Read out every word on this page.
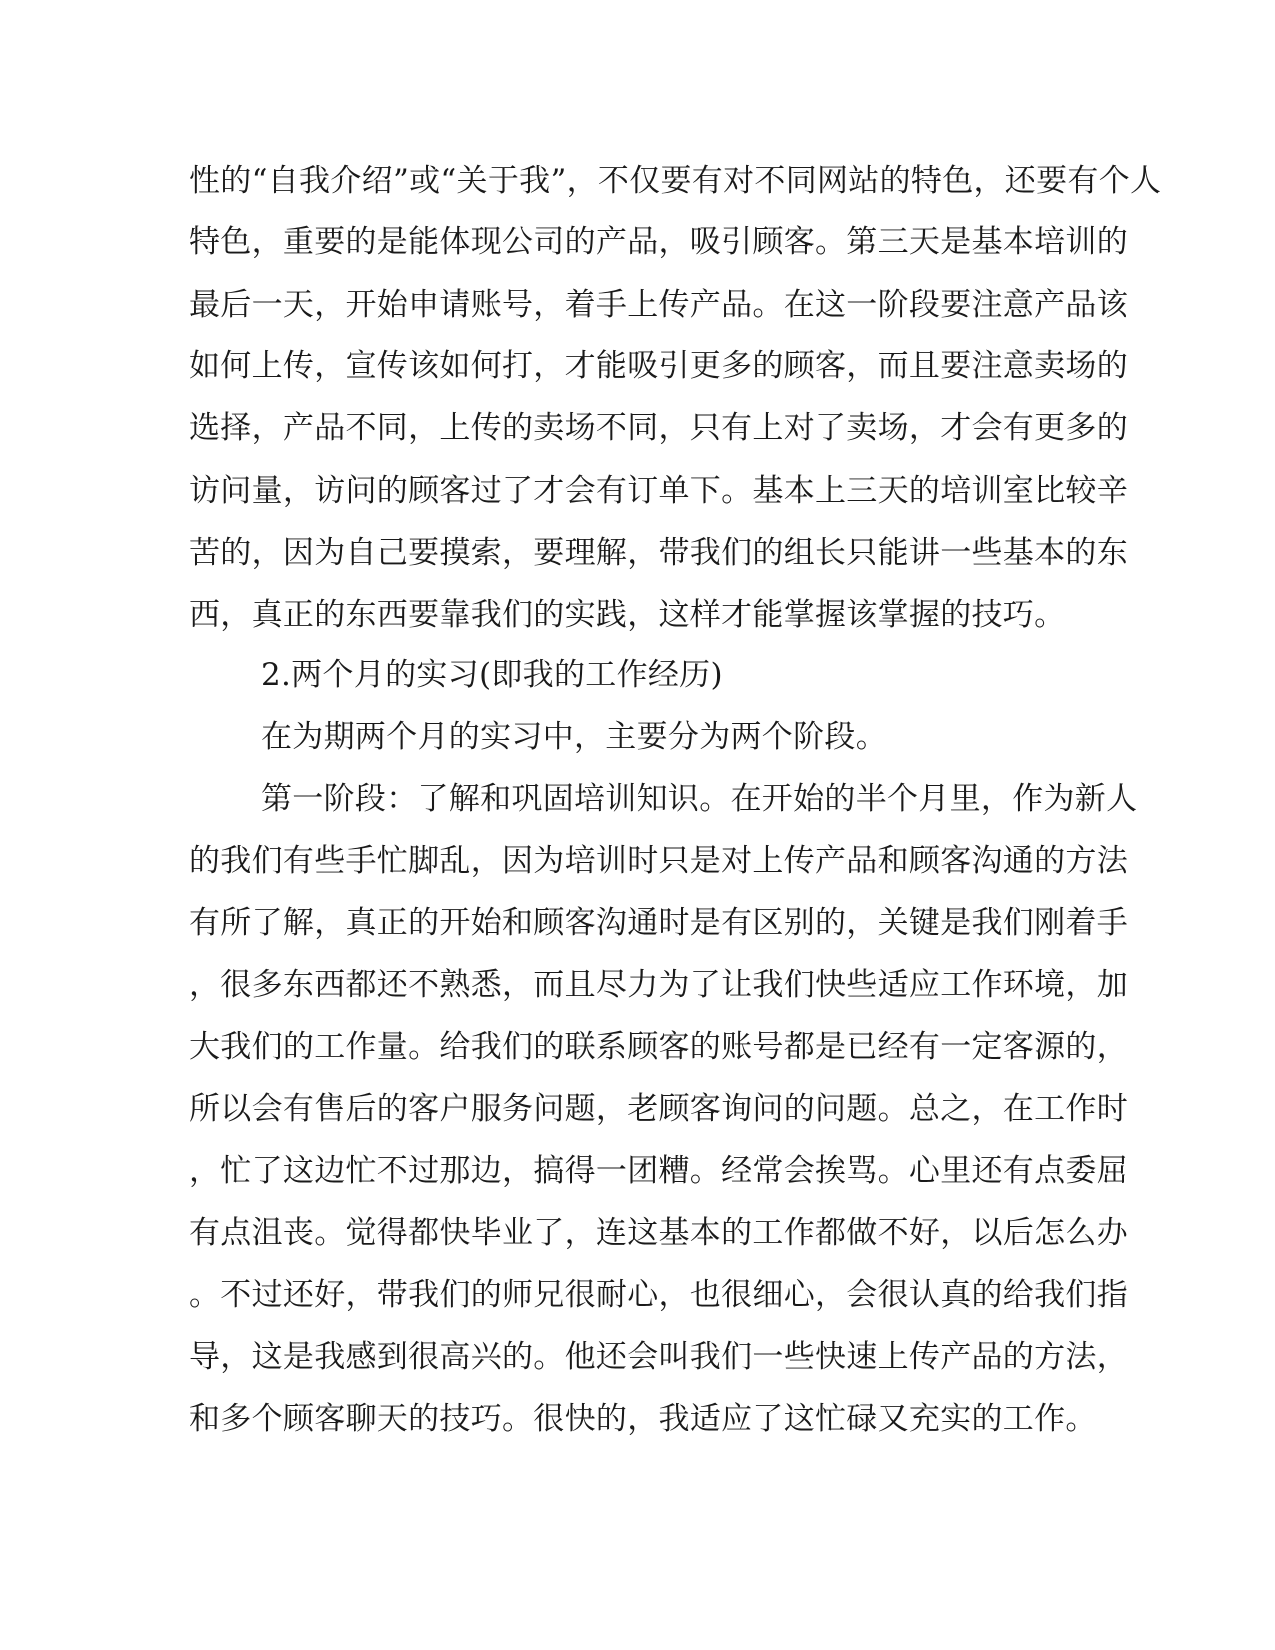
性的“自我介绍”或“关于我”，不仅要有对不同网站的特色，还要有个人
特色，重要的是能体现公司的产品，吸引顾客。第三天是基本培训的
最后一天，开始申请账号，着手上传产品。在这一阶段要注意产品该
如何上传，宣传该如何打，才能吸引更多的顾客，而且要注意卖场的
选择，产品不同，上传的卖场不同，只有上对了卖场，才会有更多的
访问量，访问的顾客过了才会有订单下。基本上三天的培训室比较辛
苦的，因为自己要摸索，要理解，带我们的组长只能讲一些基本的东
西，真正的东西要靠我们的实践，这样才能掌握该掌握的技巧。
2.两个月的实习(即我的工作经历)
在为期两个月的实习中，主要分为两个阶段。
第一阶段：了解和巩固培训知识。在开始的半个月里，作为新人
的我们有些手忙脚乱，因为培训时只是对上传产品和顾客沟通的方法
有所了解，真正的开始和顾客沟通时是有区别的，关键是我们刚着手
，很多东西都还不熟悉，而且尽力为了让我们快些适应工作环境，加
大我们的工作量。给我们的联系顾客的账号都是已经有一定客源的，
所以会有售后的客户服务问题，老顾客询问的问题。总之，在工作时
，忙了这边忙不过那边，搞得一团糟。经常会挨骂。心里还有点委屈
有点沮丧。觉得都快毕业了，连这基本的工作都做不好，以后怎么办
。不过还好，带我们的师兄很耐心，也很细心，会很认真的给我们指
导，这是我感到很高兴的。他还会叫我们一些快速上传产品的方法，
和多个顾客聊天的技巧。很快的，我适应了这忙碌又充实的工作。
